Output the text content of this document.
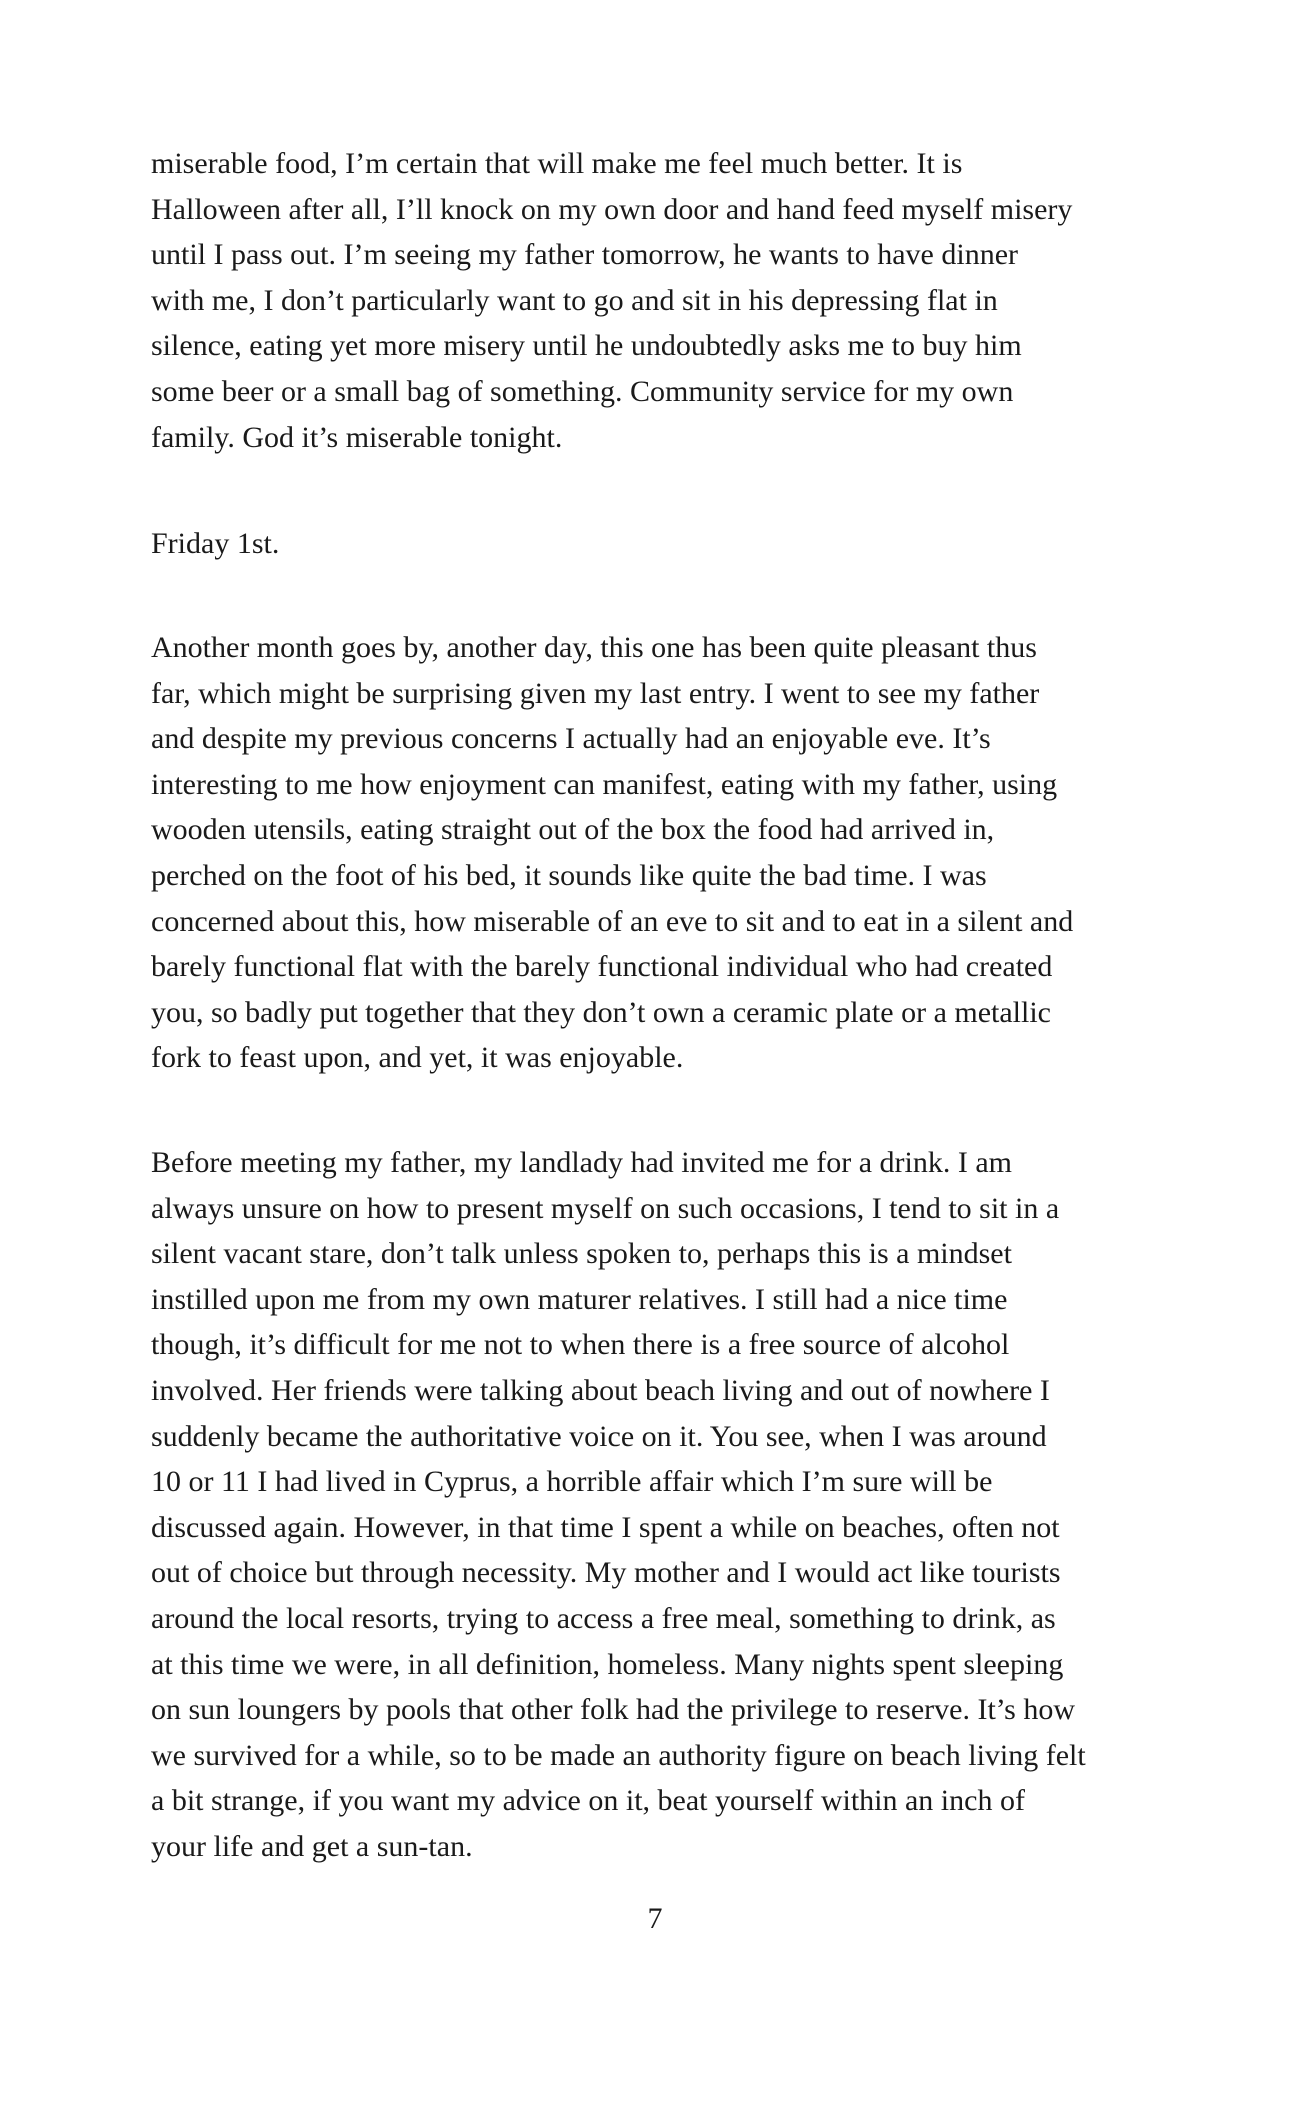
miserable food, I’m certain that will make me feel much better. It is
Halloween after all, I’ll knock on my own door and hand feed myself misery
until I pass out. I’m seeing my father tomorrow, he wants to have dinner
with me, I don’t particularly want to go and sit in his depressing flat in
silence, eating yet more misery until he undoubtedly asks me to buy him
some beer or a small bag of something. Community service for my own
family. God it’s miserable tonight.
Friday 1st.
Another month goes by, another day, this one has been quite pleasant thus
far, which might be surprising given my last entry. I went to see my father
and despite my previous concerns I actually had an enjoyable eve. It’s
interesting to me how enjoyment can manifest, eating with my father, using
wooden utensils, eating straight out of the box the food had arrived in,
perched on the foot of his bed, it sounds like quite the bad time. I was
concerned about this, how miserable of an eve to sit and to eat in a silent and
barely functional flat with the barely functional individual who had created
you, so badly put together that they don’t own a ceramic plate or a metallic
fork to feast upon, and yet, it was enjoyable.
Before meeting my father, my landlady had invited me for a drink. I am
always unsure on how to present myself on such occasions, I tend to sit in a
silent vacant stare, don’t talk unless spoken to, perhaps this is a mindset
instilled upon me from my own maturer relatives. I still had a nice time
though, it’s difficult for me not to when there is a free source of alcohol
involved. Her friends were talking about beach living and out of nowhere I
suddenly became the authoritative voice on it. You see, when I was around
10 or 11 I had lived in Cyprus, a horrible affair which I’m sure will be
discussed again. However, in that time I spent a while on beaches, often not
out of choice but through necessity. My mother and I would act like tourists
around the local resorts, trying to access a free meal, something to drink, as
at this time we were, in all definition, homeless. Many nights spent sleeping
on sun loungers by pools that other folk had the privilege to reserve. It’s how
we survived for a while, so to be made an authority figure on beach living felt
a bit strange, if you want my advice on it, beat yourself within an inch of
your life and get a sun-tan.
7
